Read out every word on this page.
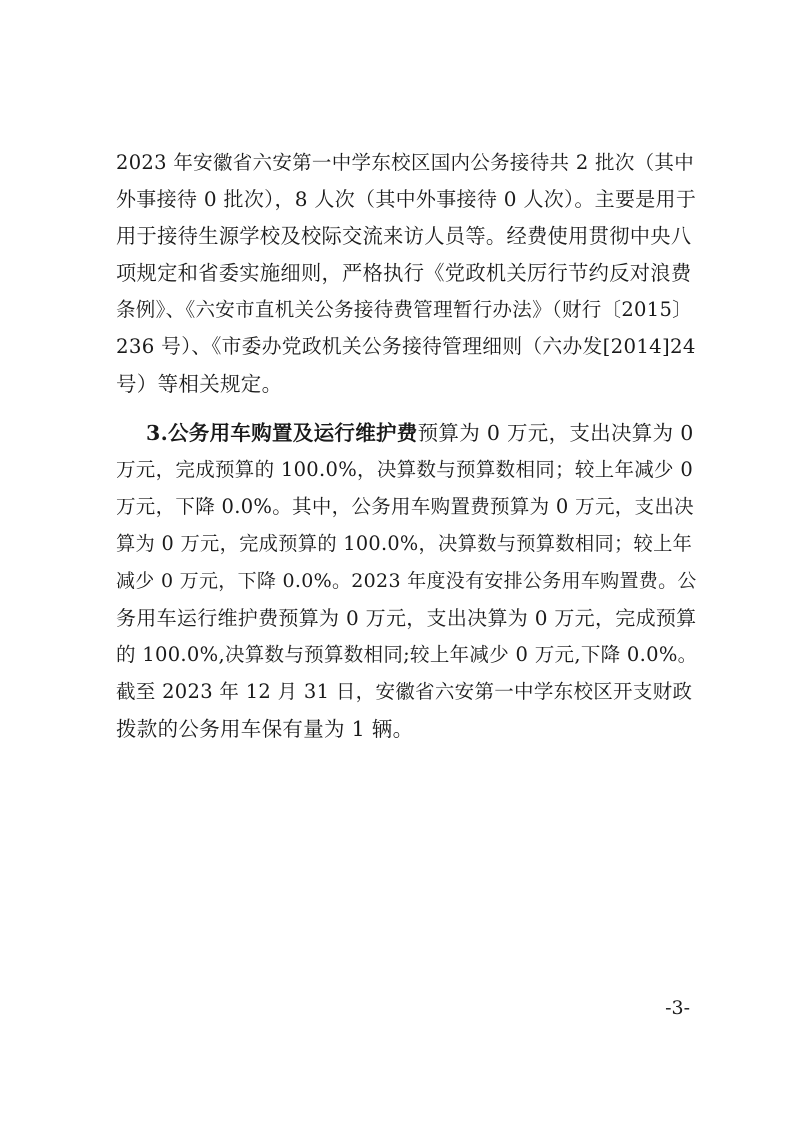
2023 年安徽省六安第一中学东校区国内公务接待共 2 批次（其中
外事接待 0 批次），8 人次（其中外事接待 0 人次）。主要是用于
用于接待生源学校及校际交流来访人员等。经费使用贯彻中央八
项规定和省委实施细则，严格执行《党政机关厉行节约反对浪费
条例》、《六安市直机关公务接待费管理暂行办法》（财行〔2015〕
236 号）、《市委办党政机关公务接待管理细则（六办发[2014]24
号）等相关规定。
3.公务用车购置及运行维护费预算为 0 万元，支出决算为 0
万元，完成预算的 100.0%，决算数与预算数相同；较上年减少 0
万元，下降 0.0%。其中，公务用车购置费预算为 0 万元，支出决
算为 0 万元，完成预算的 100.0%，决算数与预算数相同；较上年
减少 0 万元，下降 0.0%。2023 年度没有安排公务用车购置费。公
务用车运行维护费预算为 0 万元，支出决算为 0 万元，完成预算
的 100.0%,决算数与预算数相同;较上年减少 0 万元,下降 0.0%。
截至 2023 年 12 月 31 日，安徽省六安第一中学东校区开支财政
拨款的公务用车保有量为 1 辆。
-3-
